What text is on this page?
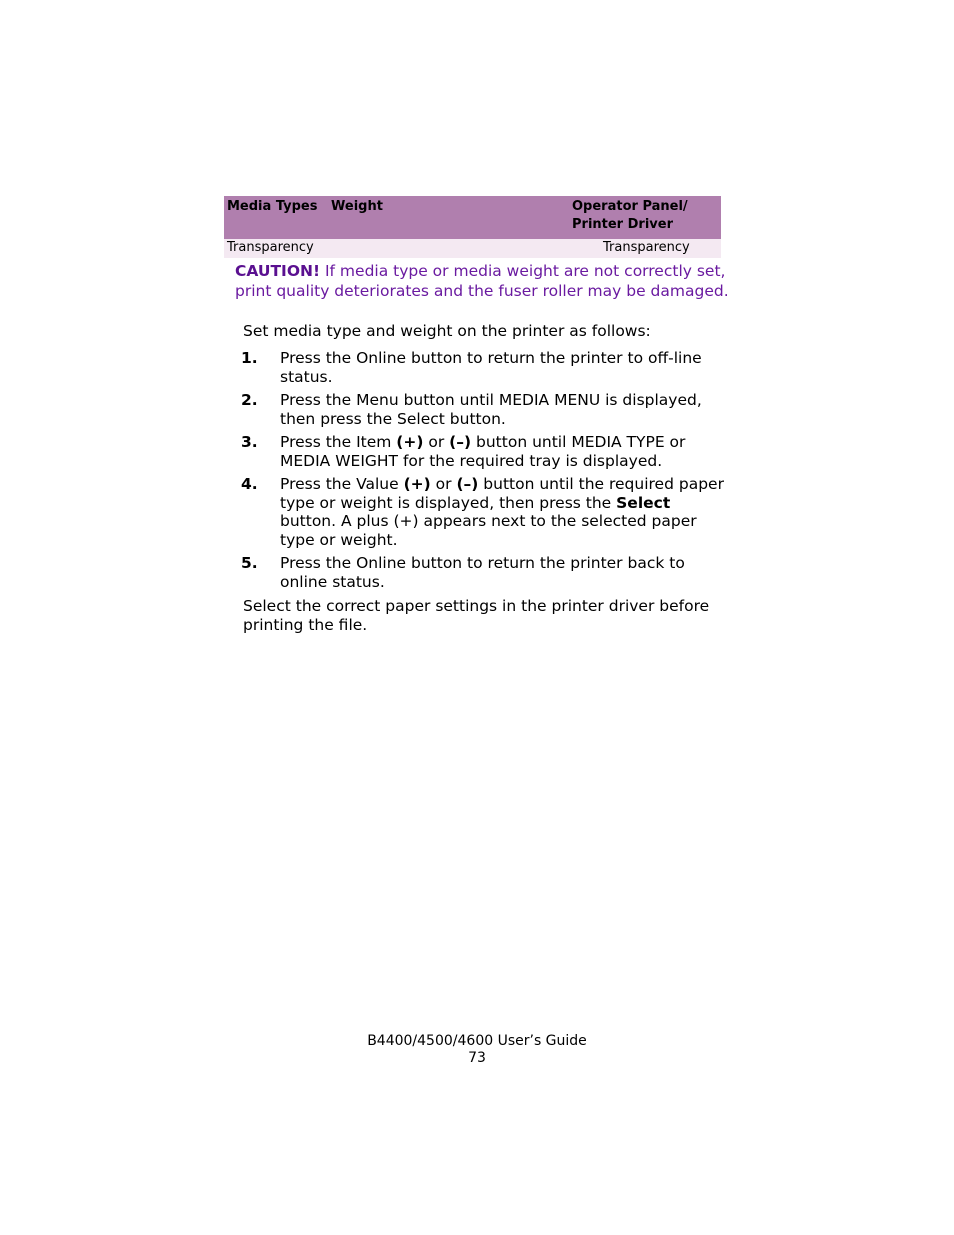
Media Types	Weight	Operator Panel/
Printer Driver
Transparency		Transparency
CAUTION! If media type or media weight are not correctly set, print quality deteriorates and the fuser roller may be damaged.
Set media type and weight on the printer as follows:
1. Press the Online button to return the printer to off-line status.
2. Press the Menu button until MEDIA MENU is displayed, then press the Select button.
3. Press the Item (+) or (–) button until MEDIA TYPE or MEDIA WEIGHT for the required tray is displayed.
4. Press the Value (+) or (–) button until the required paper type or weight is displayed, then press the Select button. A plus (+) appears next to the selected paper type or weight.
5. Press the Online button to return the printer back to online status.
Select the correct paper settings in the printer driver before printing the file.
B4400/4500/4600 User’s Guide
73
